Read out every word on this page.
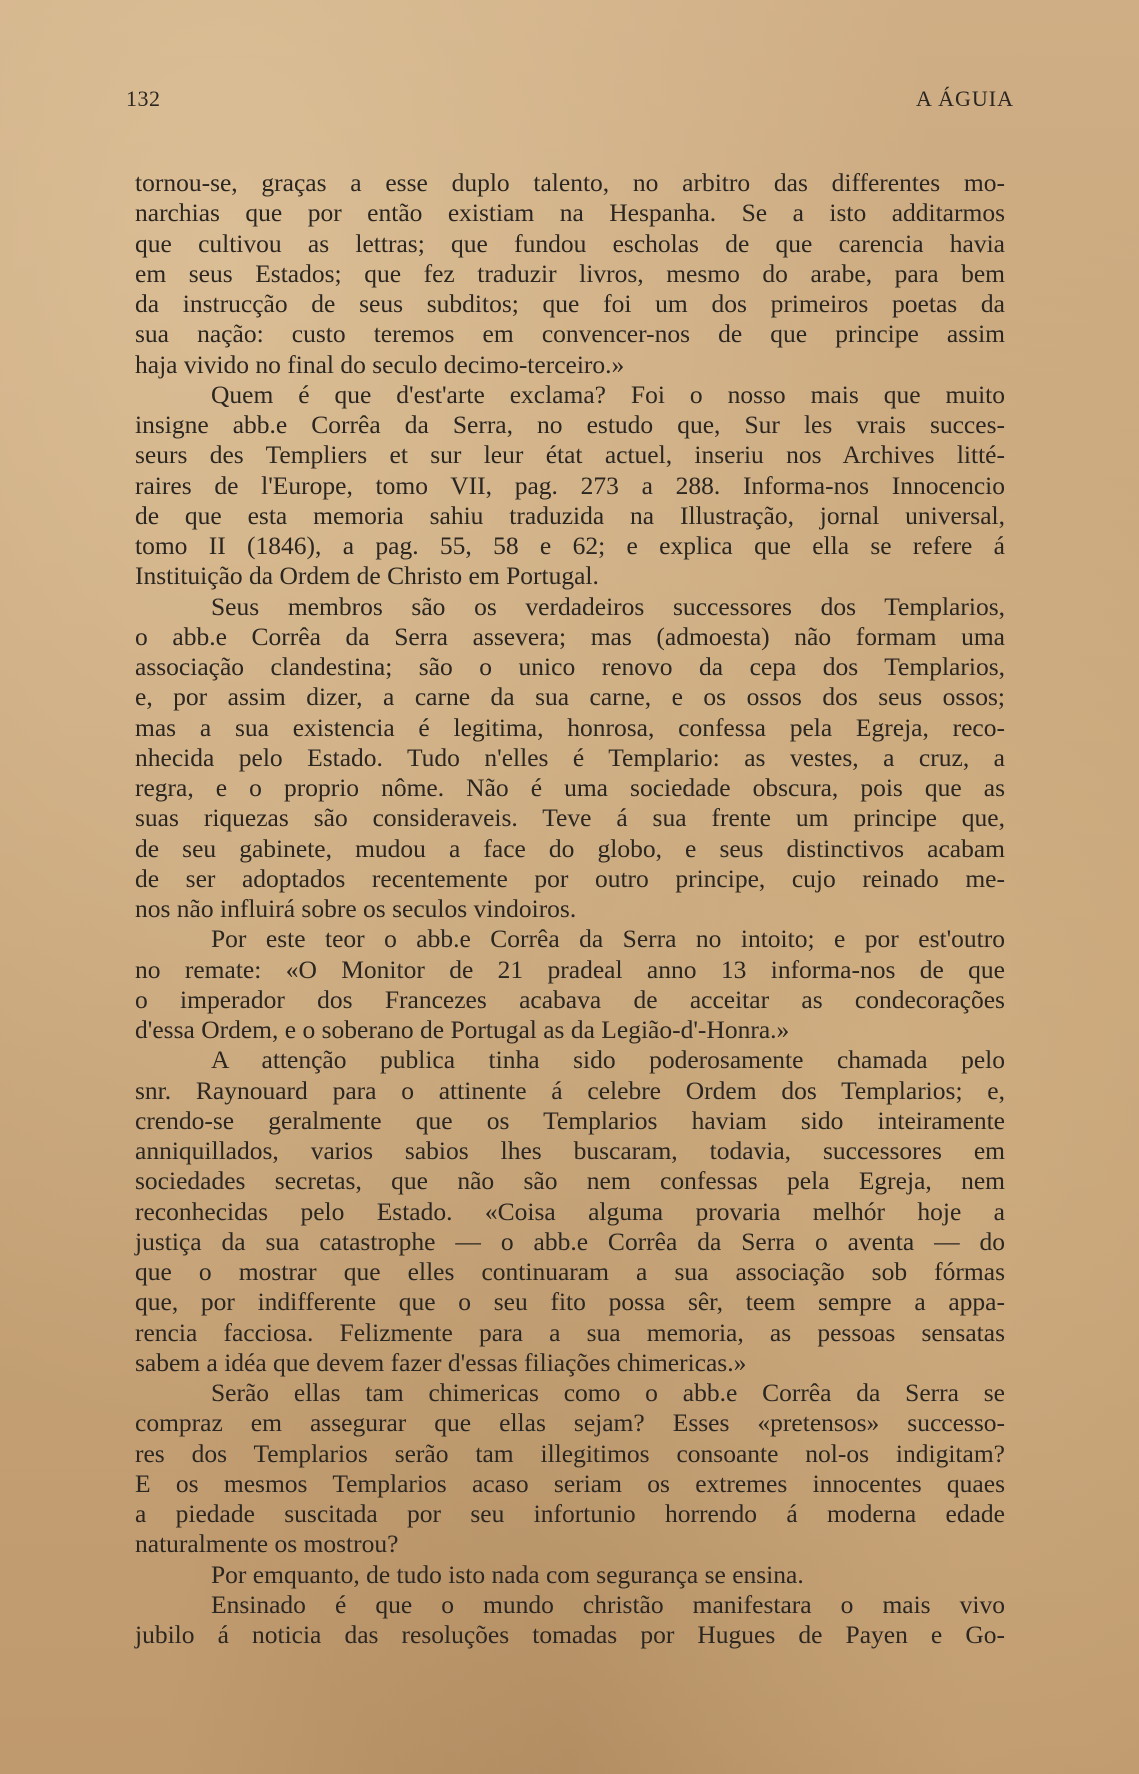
132	A ÁGUIA
tornou-se, graças a esse duplo talento, no arbitro das differentes mo-
narchias que por então existiam na Hespanha. Se a isto additarmos
que cultivou as lettras; que fundou escholas de que carencia havia
em seus Estados; que fez traduzir livros, mesmo do arabe, para bem
da instrucção de seus subditos; que foi um dos primeiros poetas da
sua nação: custo teremos em convencer-nos de que principe assim
haja vivido no final do seculo decimo-terceiro.»
Quem é que d'est'arte exclama? Foi o nosso mais que muito
insigne abb.e Corrêa da Serra, no estudo que, Sur les vrais succes-
seurs des Templiers et sur leur état actuel, inseriu nos Archives litté-
raires de l'Europe, tomo VII, pag. 273 a 288. Informa-nos Innocencio
de que esta memoria sahiu traduzida na Illustração, jornal universal,
tomo II (1846), a pag. 55, 58 e 62; e explica que ella se refere á
Instituição da Ordem de Christo em Portugal.
Seus membros são os verdadeiros successores dos Templarios,
o abb.e Corrêa da Serra assevera; mas (admoesta) não formam uma
associação clandestina; são o unico renovo da cepa dos Templarios,
e, por assim dizer, a carne da sua carne, e os ossos dos seus ossos;
mas a sua existencia é legitima, honrosa, confessa pela Egreja, reco-
nhecida pelo Estado. Tudo n'elles é Templario: as vestes, a cruz, a
regra, e o proprio nôme. Não é uma sociedade obscura, pois que as
suas riquezas são consideraveis. Teve á sua frente um principe que,
de seu gabinete, mudou a face do globo, e seus distinctivos acabam
de ser adoptados recentemente por outro principe, cujo reinado me-
nos não influirá sobre os seculos vindoiros.
Por este teor o abb.e Corrêa da Serra no intoito; e por est'outro
no remate: «O Monitor de 21 pradeal anno 13 informa-nos de que
o imperador dos Francezes acabava de acceitar as condecorações
d'essa Ordem, e o soberano de Portugal as da Legião-d'-Honra.»
A attenção publica tinha sido poderosamente chamada pelo
snr. Raynouard para o attinente á celebre Ordem dos Templarios; e,
crendo-se geralmente que os Templarios haviam sido inteiramente
anniquillados, varios sabios lhes buscaram, todavia, successores em
sociedades secretas, que não são nem confessas pela Egreja, nem
reconhecidas pelo Estado. «Coisa alguma provaria melhór hoje a
justiça da sua catastrophe — o abb.e Corrêa da Serra o aventa — do
que o mostrar que elles continuaram a sua associação sob fórmas
que, por indifferente que o seu fito possa sêr, teem sempre a appa-
rencia facciosa. Felizmente para a sua memoria, as pessoas sensatas
sabem a idéa que devem fazer d'essas filiações chimericas.»
Serão ellas tam chimericas como o abb.e Corrêa da Serra se
compraz em assegurar que ellas sejam? Esses «pretensos» successo-
res dos Templarios serão tam illegitimos consoante nol-os indigitam?
E os mesmos Templarios acaso seriam os extremes innocentes quaes
a piedade suscitada por seu infortunio horrendo á moderna edade
naturalmente os mostrou?
Por emquanto, de tudo isto nada com segurança se ensina.
Ensinado é que o mundo christão manifestara o mais vivo
jubilo á noticia das resoluções tomadas por Hugues de Payen e Go-
